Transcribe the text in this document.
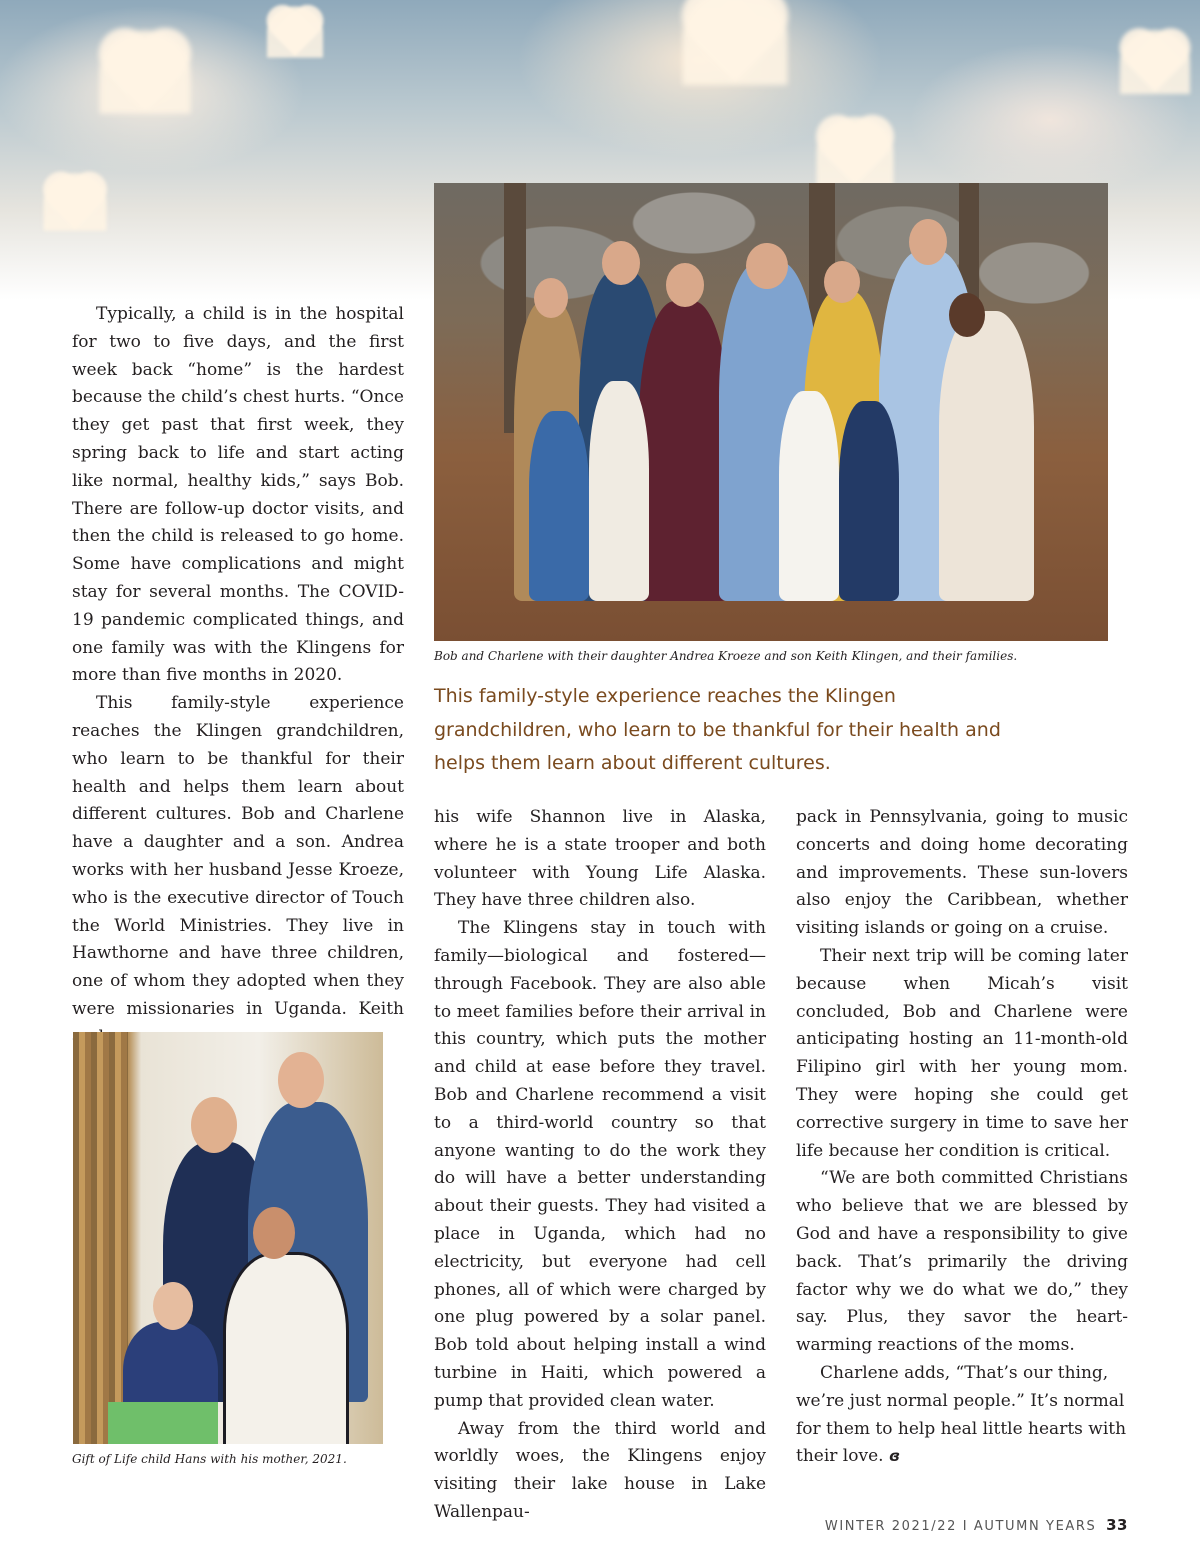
Bob and Charlene with their daughter Andrea Kroeze and son Keith Klingen, and their families.
This family-style experience reaches the Klingen grandchildren, who learn to be thankful for their health and helps them learn about different cultures.

Typically, a child is in the hospital for two to five days, and the first week back “home” is the hardest because the child’s chest hurts. “Once they get past that first week, they spring back to life and start acting like normal, healthy kids,” says Bob. There are follow-up doctor visits, and then the child is released to go home. Some have complications and might stay for several months. The COVID-19 pandemic complicated things, and one family was with the Klingens for more than five months in 2020.

This family-style experience reaches the Klingen grandchildren, who learn to be thankful for their health and helps them learn about different cultures. Bob and Charlene have a daughter and a son. Andrea works with her husband Jesse Kroeze, who is the executive director of Touch the World Ministries. They live in Hawthorne and have three children, one of whom they adopted when they were missionaries in Uganda. Keith

Gift of Life child Hans with his mother, 2021.

his wife Shannon live in Alaska, where he is a state trooper and both volunteer with Young Life Alaska. They have three children also.

The Klingens stay in touch with family—biological and fostered—through Facebook. They are also able to meet families before their arrival in this country, which puts the mother and child at ease before they travel. Bob and Charlene recommend a visit to a third-world country so that anyone wanting to do the work they do will have a better understanding about their guests. They had visited a place in Uganda, which had no electricity, but everyone had cell phones, all of which were charged by one plug powered by a solar panel. Bob told about helping install a wind turbine in Haiti, which powered a pump that provided clean water.

Away from the third world and worldly woes, the Klingens enjoy visiting their lake house in Lake Wallenpau-

pack in Pennsylvania, going to music concerts and doing home decorating and improvements. These sun-lovers also enjoy the Caribbean, whether visiting islands or going on a cruise.

Their next trip will be coming later because when Micah’s visit concluded, Bob and Charlene were anticipating hosting an 11-month-old Filipino girl with her young mom. They were hoping she could get corrective surgery in time to save her life because her condition is critical.

“We are both committed Christians who believe that we are blessed by God and have a responsibility to give back. That’s primarily the driving factor why we do what we do,” they say. Plus, they savor the heart-warming reactions of the moms.

Charlene adds, “That’s our thing, we’re just normal people.” It’s normal for them to help heal little hearts with their love. ɞ

WINTER 2021/22 I AUTUMN YEARS 33
